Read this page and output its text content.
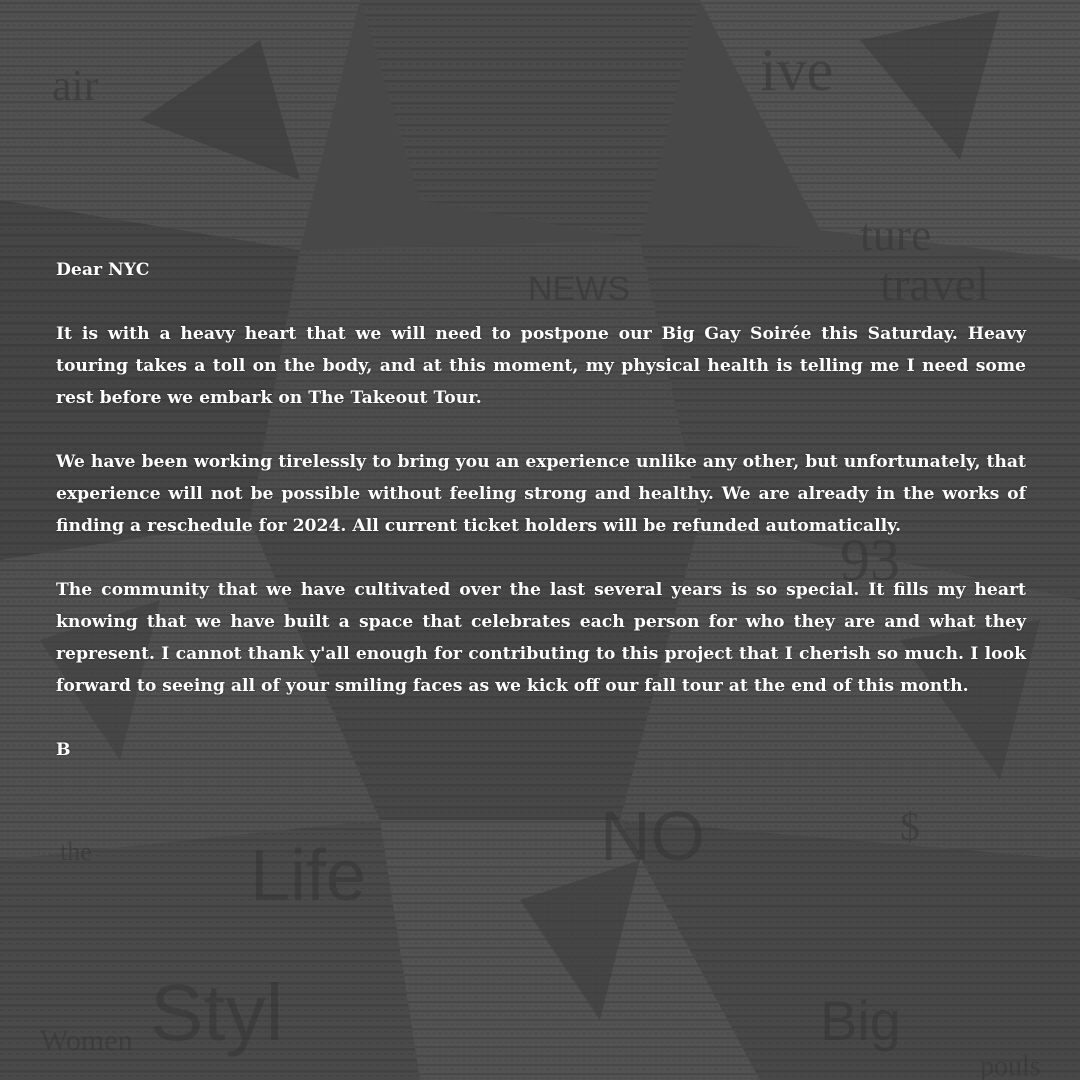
Dear NYC

It is with a heavy heart that we will need to postpone our Big Gay Soirée this Saturday. Heavy touring takes a toll on the body, and at this moment, my physical health is telling me I need some rest before we embark on The Takeout Tour.

We have been working tirelessly to bring you an experience unlike any other, but unfortunately, that experience will not be possible without feeling strong and healthy. We are already in the works of finding a reschedule for 2024. All current ticket holders will be refunded automatically.

The community that we have cultivated over the last several years is so special. It fills my heart knowing that we have built a space that celebrates each person for who they are and what they represent. I cannot thank y'all enough for contributing to this project that I cherish so much. I look forward to seeing all of your smiling faces as we kick off our fall tour at the end of this month.

B
